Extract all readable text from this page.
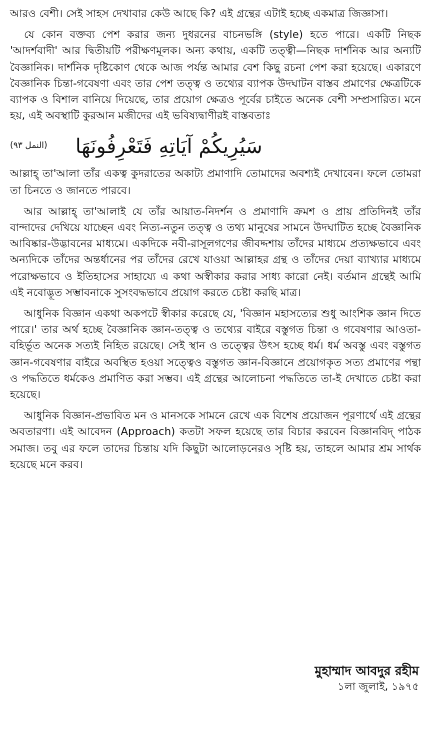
আরও বেশী। সেই সাহস দেখাবার কেউ আছে কি? এই গ্রন্থের এটাই হচ্ছে একমাত্র জিজ্ঞাসা।

যে কোন বক্তব্য পেশ করার জন্য দুধরনের বাচনভঙ্গি (style) হতে পারে। একটি নিছক 'আদর্শবাদী' আর দ্বিতীয়টি পরীক্ষণমূলক। অন্য কথায়, একটি তত্ত্বী—নিছক দার্শনিক আর অন্যটি বৈজ্ঞানিক। দার্শনিক দৃষ্টিকোণ থেকে আজ পর্যন্ত আমার বেশ কিছু রচনা পেশ করা হয়েছে। একারণে বৈজ্ঞানিক চিন্তা-গবেষণা এবং তার পেশ তত্ত্ব ও তথ্যের ব্যাপক উদঘাটন বাস্তব প্রমাণের ক্ষেত্রটিকে ব্যাপক ও বিশাল বানিয়ে দিয়েছে, তার প্রয়োগ ক্ষেত্রও পূর্বের চাইতে অনেক বেশী সম্প্রসারিত। মনে হয়, এই অবস্থাটি কুরআন মজীদের এই ভবিষ্যদ্বাণীরই বাস্তবতাঃ

(النمل ٩٣) سَيُرِيكُمْ آيَاتِهِ فَتَعْرِفُونَهَا

আল্লাহ্ তা'আলা তাঁর একত্ব কুদরাতের অকাট্য প্রমাণাদি তোমাদের অবশ্যই দেখাবেন। ফলে তোমরা তা চিনতে ও জানতে পারবে।

আর আল্লাহ্ তা'আলাই যে তাঁর আয়াত-নিদর্শন ও প্রমাণাদি ক্রমশ ও প্রায় প্রতিদিনই তাঁর বান্দাদের দেখিয়ে যাচ্ছেন এবং নিত্য-নতুন তত্ত্ব ও তথ্য মানুষের সামনে উদঘাটিত হচ্ছে বৈজ্ঞানিক আবিষ্কার-উদ্ভাবনের মাধ্যমে। একদিকে নবী-রাসূলগণের জীবদ্দশায় তাঁদের মাধ্যমে প্রত্যক্ষভাবে এবং অন্যদিকে তাঁদের অন্তর্ধানের পর তাঁদের রেখে যাওয়া আল্লাহর গ্রন্থ ও তাঁদের দেয়া ব্যাখ্যার মাধ্যমে পরোক্ষভাবে ও ইতিহাসের সাহায্যে এ কথা অস্বীকার করার সাধ্য কারো নেই। বর্তমান গ্রন্থেই আমি এই নবোদ্ভূত সম্ভাবনাকে সুসংবদ্ধভাবে প্রয়োগ করতে চেষ্টা করছি মাত্র।

আধুনিক বিজ্ঞান একথা অকপটে স্বীকার করেছে যে, 'বিজ্ঞান মহাসত্যের শুধু আংশিক জ্ঞান দিতে পারে।' তার অর্থ হচ্ছে বৈজ্ঞানিক জ্ঞান-তত্ত্ব ও তথ্যের বাইরে বস্তুগত চিন্তা ও গবেষণার আওতা-বহির্ভূত অনেক সত্যই নিহিত রয়েছে। সেই স্থান ও তত্ত্বের উৎস হচ্ছে ধর্ম। ধর্ম অবস্তু এবং বস্তুগত জ্ঞান-গবেষণার বাইরে অবস্থিত হওয়া সত্ত্বেও বস্তুগত জ্ঞান-বিজ্ঞানে প্রয়োগকৃত সত্য প্রমাণের পন্থা ও পদ্ধতিতে ধর্মকেও প্রমাণিত করা সম্ভব। এই গ্রন্থের আলোচনা পদ্ধতিতে তা-ই দেখাতে চেষ্টা করা হয়েছে।

আধুনিক বিজ্ঞান-প্রভাবিত মন ও মানসকে সামনে রেখে এক বিশেষ প্রয়োজন পূরণার্থে এই গ্রন্থের অবতারণা। এই আবেদন (Approach) কতটা সফল হয়েছে তার বিচার করবেন বিজ্ঞানবিদ্ পাঠক সমাজ। তবু এর ফলে তাদের চিন্তায় যদি কিছুটা আলোড়নেরও সৃষ্টি হয়, তাহলে আমার শ্রম সার্থক হয়েছে মনে করব।

মুহাম্মাদ আবদুর রহীম
১লা জুলাই, ১৯৭৫
